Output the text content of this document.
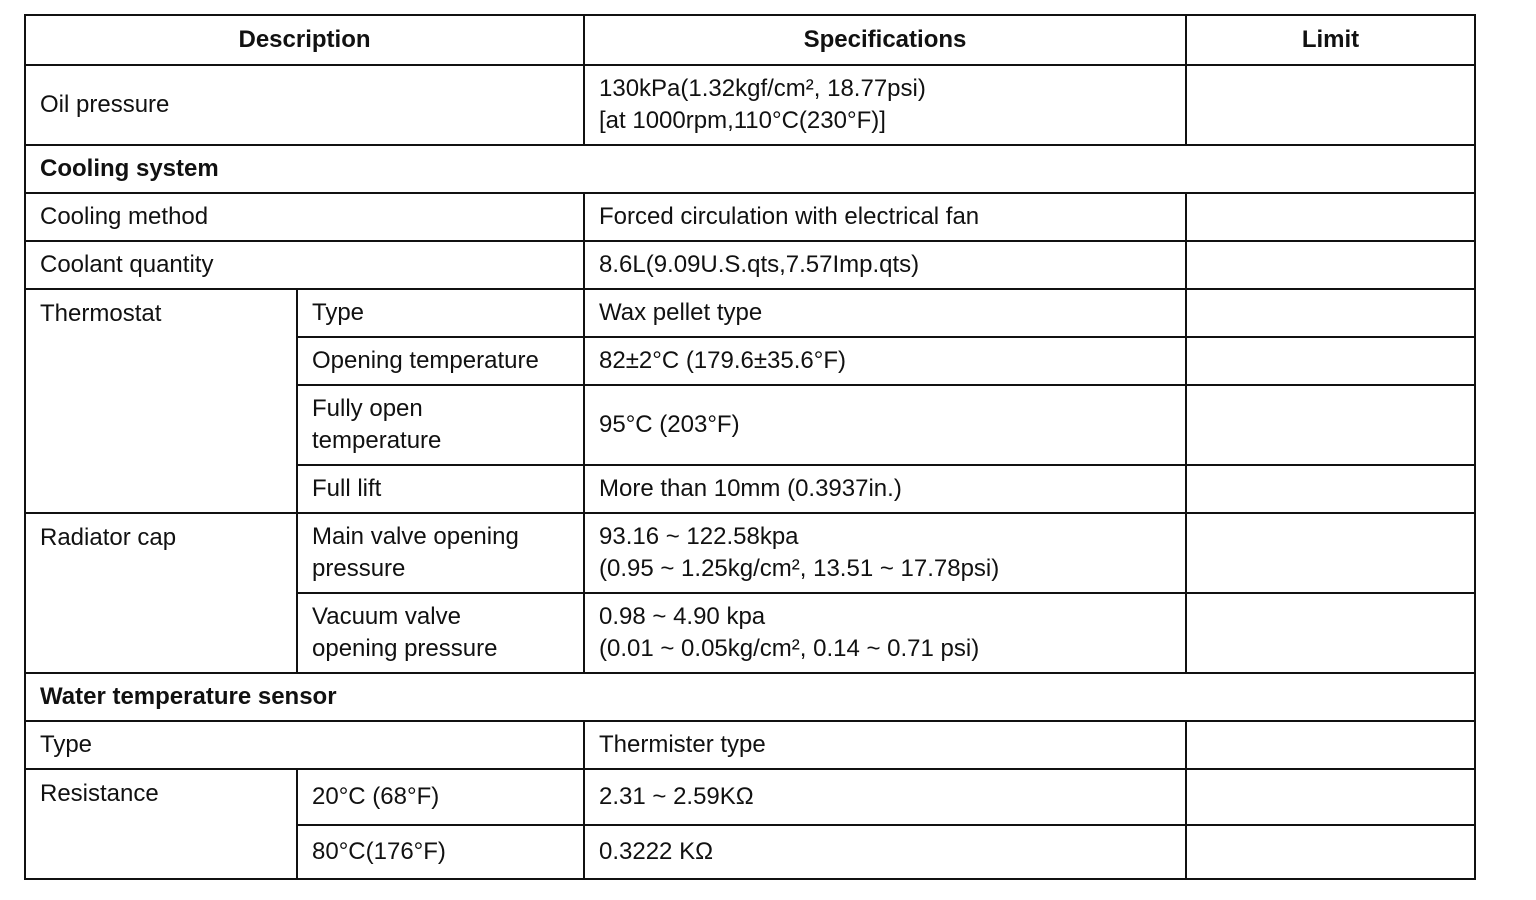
Description		Specifications	Limit
Oil pressure		130kPa(1.32kgf/cm², 18.77psi)
[at 1000rpm,110°C(230°F)]	

Cooling system			
Cooling method		Forced circulation with electrical fan	
Coolant quantity		8.6L(9.09U.S.qts,7.57Imp.qts)	
Thermostat	Type	Wax pellet type	
	Opening temperature	82±2°C (179.6±35.6°F)	

	Fully open
temperature	95°C (203°F)	
	Full lift	More than 10mm (0.3937in.)	
Radiator cap	Main valve opening
pressure	93.16 ~ 122.58kpa
(0.95 ~ 1.25kg/cm², 13.51 ~ 17.78psi)	

	Vacuum valve
opening pressure	0.98 ~ 4.90 kpa
(0.01 ~ 0.05kg/cm², 0.14 ~ 0.71 psi)	

Water temperature sensor			
Type		Thermister type	
Resistance	20°C (68°F)	2.31 ~ 2.59KΩ	
	80°C(176°F)	0.3222 KΩ	
